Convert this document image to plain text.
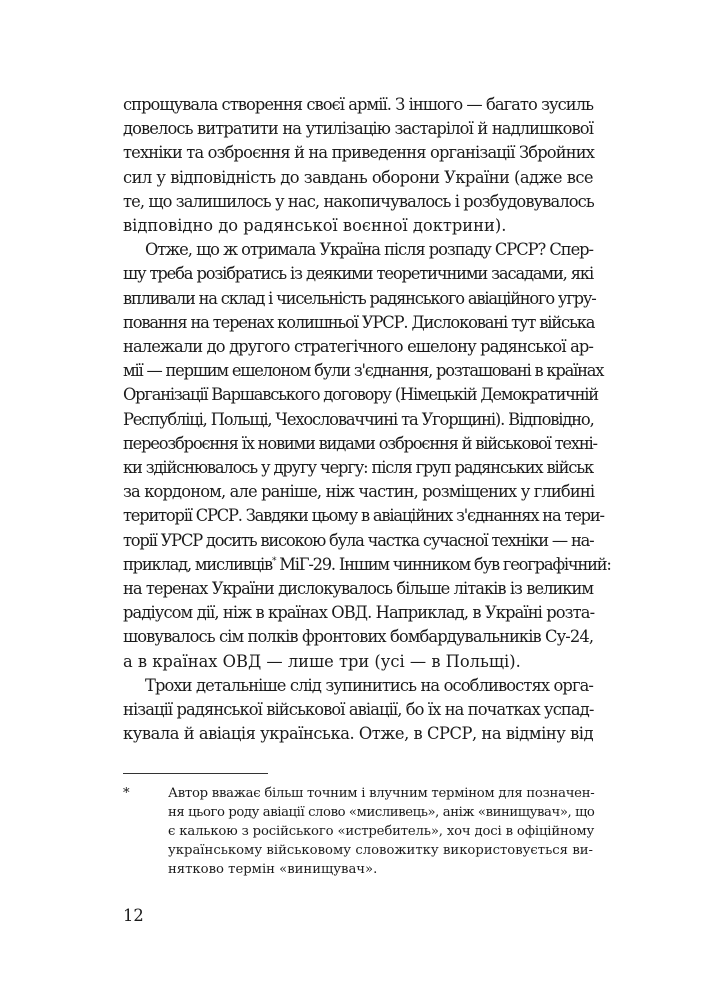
спрощувала створення своєї армії. З іншого — багато зусиль
довелось витратити на утилізацію застарілої й надлишкової
техніки та озброєння й на приведення організації Збройних
сил у відповідність до завдань оборони України (адже все
те, що залишилось у нас, накопичувалось і розбудовувалось
відповідно до радянської воєнної доктрини).

Отже, що ж отримала Україна після розпаду СРСР? Спер-
шу треба розібратись із деякими теоретичними засадами, які
впливали на склад і чисельність радянського авіаційного угру-
повання на теренах колишньої УРСР. Дислоковані тут війська
належали до другого стратегічного ешелону радянської ар-
мії — першим ешелоном були з'єднання, розташовані в країнах
Організації Варшавського договору (Німецькій Демократичній
Республіці, Польщі, Чехословаччині та Угорщині). Відповідно,
переозброєння їх новими видами озброєння й військової техні-
ки здійснювалось у другу чергу: після груп радянських військ
за кордоном, але раніше, ніж частин, розміщених у глибині
території СРСР. Завдяки цьому в авіаційних з'єднаннях на тери-
торії УРСР досить високою була частка сучасної техніки — на-
приклад, мисливців* МіГ-29. Іншим чинником був географічний:
на теренах України дислокувалось більше літаків із великим
радіусом дії, ніж в країнах ОВД. Наприклад, в Україні розта-
шовувалось сім полків фронтових бомбардувальників Су-24,
а в країнах ОВД — лише три (усі — в Польщі).

Трохи детальніше слід зупинитись на особливостях орга-
нізації радянської військової авіації, бо їх на початках успад-
кувала й авіація українська. Отже, в СРСР, на відміну від

*	Автор вважає більш точним і влучним терміном для позначен-
ня цього роду авіації слово «мисливець», аніж «винищувач», що
є калькою з російського «истребитель», хоч досі в офіційному
українському військовому словожитку використовується ви-
нятково термін «винищувач».
12
